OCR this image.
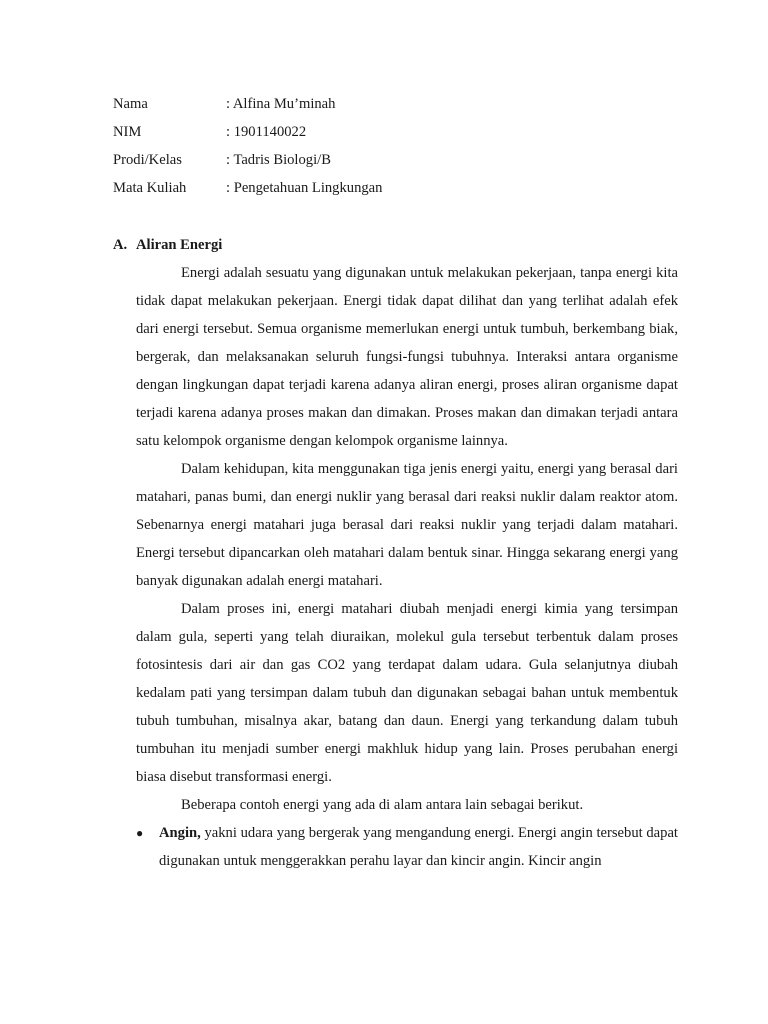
Nama	: Alfina Mu’minah
NIM	: 1901140022
Prodi/Kelas	: Tadris Biologi/B
Mata Kuliah	: Pengetahuan Lingkungan
A. Aliran Energi

Energi adalah sesuatu yang digunakan untuk melakukan pekerjaan, tanpa energi kita tidak dapat melakukan pekerjaan. Energi tidak dapat dilihat dan yang terlihat adalah efek dari energi tersebut. Semua organisme memerlukan energi untuk tumbuh, berkembang biak, bergerak, dan melaksanakan seluruh fungsi-fungsi tubuhnya. Interaksi antara organisme dengan lingkungan dapat terjadi karena adanya aliran energi, proses aliran organisme dapat terjadi karena adanya proses makan dan dimakan. Proses makan dan dimakan terjadi antara satu kelompok organisme dengan kelompok organisme lainnya.

Dalam kehidupan, kita menggunakan tiga jenis energi yaitu, energi yang berasal dari matahari, panas bumi, dan energi nuklir yang berasal dari reaksi nuklir dalam reaktor atom. Sebenarnya energi matahari juga berasal dari reaksi nuklir yang terjadi dalam matahari. Energi tersebut dipancarkan oleh matahari dalam bentuk sinar. Hingga sekarang energi yang banyak digunakan adalah energi matahari.

Dalam proses ini, energi matahari diubah menjadi energi kimia yang tersimpan dalam gula, seperti yang telah diuraikan, molekul gula tersebut terbentuk dalam proses fotosintesis dari air dan gas CO2 yang terdapat dalam udara. Gula selanjutnya diubah kedalam pati yang tersimpan dalam tubuh dan digunakan sebagai bahan untuk membentuk tubuh tumbuhan, misalnya akar, batang dan daun. Energi yang terkandung dalam tubuh tumbuhan itu menjadi sumber energi makhluk hidup yang lain. Proses perubahan energi biasa disebut transformasi energi.

Beberapa contoh energi yang ada di alam antara lain sebagai berikut.

●	Angin, yakni udara yang bergerak yang mengandung energi. Energi angin tersebut dapat digunakan untuk menggerakkan perahu layar dan kincir angin. Kincir angin
